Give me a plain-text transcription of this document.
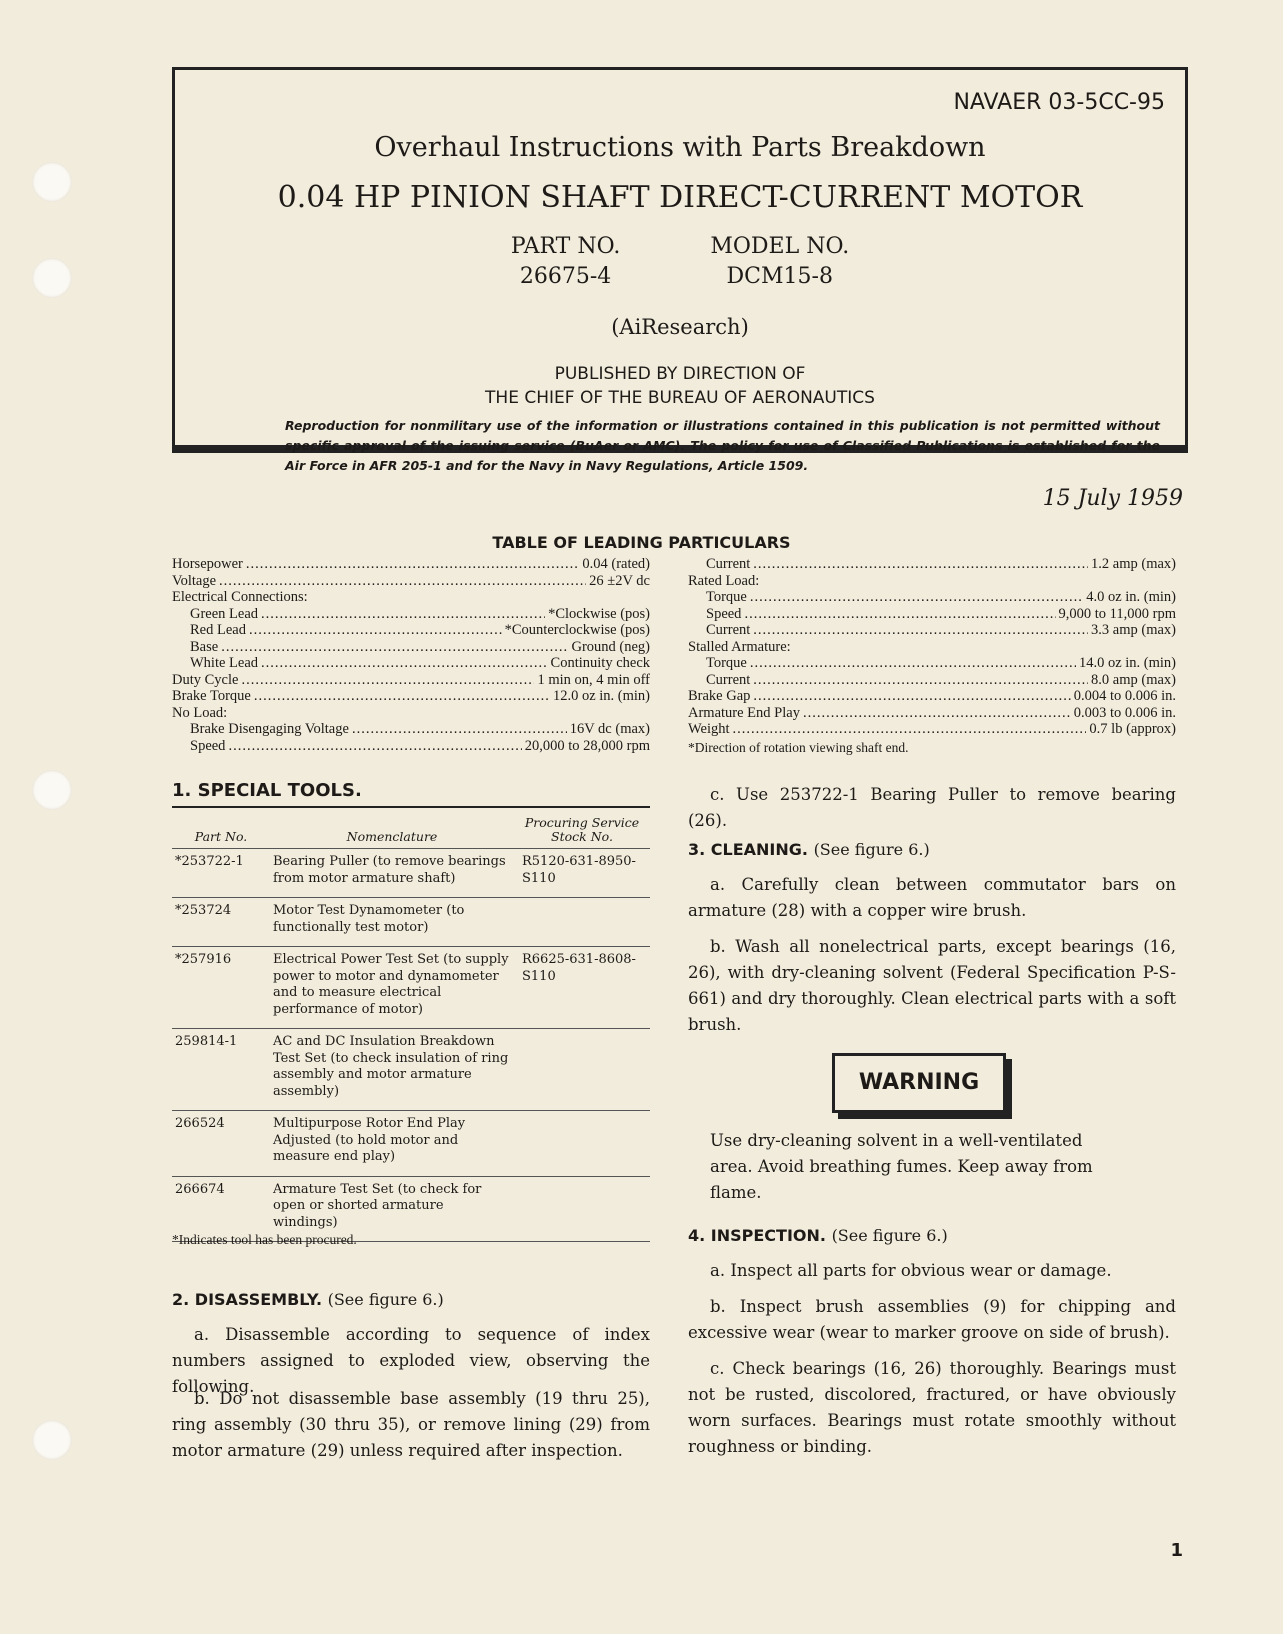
NAVAER 03-5CC-95
Overhaul Instructions with Parts Breakdown
0.04 HP PINION SHAFT DIRECT-CURRENT MOTOR
PART NO.
26675-4
MODEL NO.
DCM15-8
(AiResearch)
PUBLISHED BY DIRECTION OF
THE CHIEF OF THE BUREAU OF AERONAUTICS
Reproduction for nonmilitary use of the information or illustrations contained in this publication is not permitted without specific approval of the issuing service (BuAer or AMC). The policy for use of Classified Publications is established for the Air Force in AFR 205-1 and for the Navy in Navy Regulations, Article 1509.
15 July 1959
TABLE OF LEADING PARTICULARS
Horsepower .....	0.04 (rated)
Voltage .....	26 ±2V dc
Electrical Connections:
Green Lead .....	*Clockwise (pos)
Red Lead .....	*Counterclockwise (pos)
Base .....	Ground (neg)
White Lead .....	Continuity check
Duty Cycle .....	1 min on, 4 min off
Brake Torque .....	12.0 oz in. (min)
No Load:
Brake Disengaging Voltage .....	16V dc (max)
Speed .....	20,000 to 28,000 rpm
Current .....	1.2 amp (max)
Rated Load:
Torque .....	4.0 oz in. (min)
Speed .....	9,000 to 11,000 rpm
Current .....	3.3 amp (max)
Stalled Armature:
Torque .....	14.0 oz in. (min)
Current .....	8.0 amp (max)
Brake Gap .....	0.004 to 0.006 in.
Armature End Play .....	0.003 to 0.006 in.
Weight .....	0.7 lb (approx)
*Direction of rotation viewing shaft end.
1. SPECIAL TOOLS.
Part No.	Nomenclature	Procuring Service Stock No.
*253722-1	Bearing Puller (to remove bearings from motor armature shaft)	R5120-631-8950-S110
*253724	Motor Test Dynamometer (to functionally test motor)	
*257916	Electrical Power Test Set (to supply power to motor and dynamometer and to measure electrical performance of motor)	R6625-631-8608-S110
259814-1	AC and DC Insulation Breakdown Test Set (to check insulation of ring assembly and motor armature assembly)	
266524	Multipurpose Rotor End Play Adjusted (to hold motor and measure end play)	
266674	Armature Test Set (to check for open or shorted armature windings)	
*Indicates tool has been procured.
2. DISASSEMBLY. (See figure 6.)
a. Disassemble according to sequence of index numbers assigned to exploded view, observing the following.
b. Do not disassemble base assembly (19 thru 25), ring assembly (30 thru 35), or remove lining (29) from motor armature (29) unless required after inspection.
c. Use 253722-1 Bearing Puller to remove bearing (26).
3. CLEANING. (See figure 6.)
a. Carefully clean between commutator bars on armature (28) with a copper wire brush.
b. Wash all nonelectrical parts, except bearings (16, 26), with dry-cleaning solvent (Federal Specification P-S-661) and dry thoroughly. Clean electrical parts with a soft brush.
WARNING
Use dry-cleaning solvent in a well-ventilated area. Avoid breathing fumes. Keep away from flame.
4. INSPECTION. (See figure 6.)
a. Inspect all parts for obvious wear or damage.
b. Inspect brush assemblies (9) for chipping and excessive wear (wear to marker groove on side of brush).
c. Check bearings (16, 26) thoroughly. Bearings must not be rusted, discolored, fractured, or have obviously worn surfaces. Bearings must rotate smoothly without roughness or binding.
1
